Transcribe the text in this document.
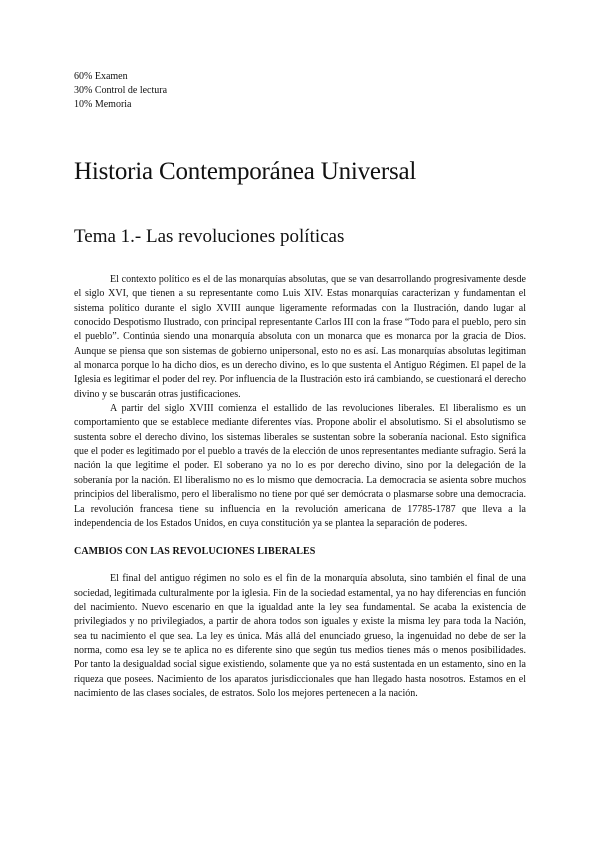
60% Examen
30% Control de lectura
10% Memoria
Historia Contemporánea Universal
Tema 1.- Las revoluciones políticas

El contexto político es el de las monarquías absolutas, que se van desarrollando progresivamente desde el siglo XVI, que tienen a su representante como Luis XIV. Estas monarquías caracterizan y fundamentan el sistema político durante el siglo XVIII aunque ligeramente reformadas con la Ilustración, dando lugar al conocido Despotismo Ilustrado, con principal representante Carlos III con la frase “Todo para el pueblo, pero sin el pueblo”. Continúa siendo una monarquía absoluta con un monarca que es monarca por la gracia de Dios. Aunque se piensa que son sistemas de gobierno unipersonal, esto no es así. Las monarquías absolutas legitiman al monarca porque lo ha dicho dios, es un derecho divino, es lo que sustenta el Antiguo Régimen. El papel de la Iglesia es legitimar el poder del rey. Por influencia de la Ilustración esto irá cambiando, se cuestionará el derecho divino y se buscarán otras justificaciones.

A partir del siglo XVIII comienza el estallido de las revoluciones liberales. El liberalismo es un comportamiento que se establece mediante diferentes vías. Propone abolir el absolutismo. Si el absolutismo se sustenta sobre el derecho divino, los sistemas liberales se sustentan sobre la soberanía nacional. Esto significa que el poder es legitimado por el pueblo a través de la elección de unos representantes mediante sufragio. Será la nación la que legitime el poder. El soberano ya no lo es por derecho divino, sino por la delegación de la soberanía por la nación. El liberalismo no es lo mismo que democracia. La democracia se asienta sobre muchos principios del liberalismo, pero el liberalismo no tiene por qué ser demócrata o plasmarse sobre una democracia. La revolución francesa tiene su influencia en la revolución americana de 17785-1787 que lleva a la independencia de los Estados Unidos, en cuya constitución ya se plantea la separación de poderes.

CAMBIOS CON LAS REVOLUCIONES LIBERALES

El final del antiguo régimen no solo es el fin de la monarquía absoluta, sino también el final de una sociedad, legitimada culturalmente por la iglesia. Fin de la sociedad estamental, ya no hay diferencias en función del nacimiento. Nuevo escenario en que la igualdad ante la ley sea fundamental. Se acaba la existencia de privilegiados y no privilegiados, a partir de ahora todos son iguales y existe la misma ley para toda la Nación, sea tu nacimiento el que sea. La ley es única. Más allá del enunciado grueso, la ingenuidad no debe de ser la norma, como esa ley se te aplica no es diferente sino que según tus medios tienes más o menos posibilidades. Por tanto la desigualdad social sigue existiendo, solamente que ya no está sustentada en un estamento, sino en la riqueza que posees. Nacimiento de los aparatos jurisdiccionales que han llegado hasta nosotros. Estamos en el nacimiento de las clases sociales, de estratos. Solo los mejores pertenecen a la nación.
